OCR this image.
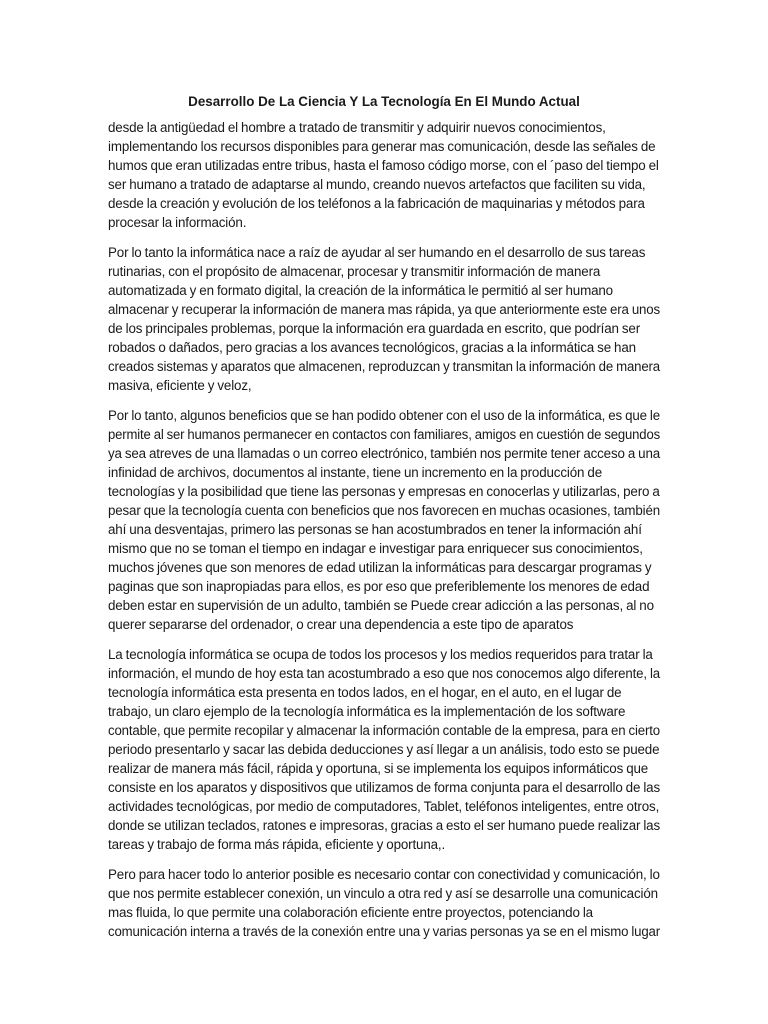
Desarrollo De La Ciencia Y La Tecnología En El Mundo Actual

desde la antigüedad el hombre a tratado de transmitir y adquirir nuevos conocimientos,
implementando los recursos disponibles para generar mas comunicación, desde las señales de
humos que eran utilizadas entre tribus, hasta el famoso código morse, con el ´paso del tiempo el
ser humano a tratado de adaptarse al mundo, creando nuevos artefactos que faciliten su vida,
desde la creación y evolución de los teléfonos a la fabricación de maquinarias y métodos para
procesar la información.

Por lo tanto la informática nace a raíz de ayudar al ser humando en el desarrollo de sus tareas
rutinarias, con el propósito de almacenar, procesar y transmitir información de manera
automatizada y en formato digital, la creación de la informática le permitió al ser humano
almacenar y recuperar la información de manera mas rápida, ya que anteriormente este era unos
de los principales problemas, porque la información era guardada en escrito, que podrían ser
robados o dañados, pero gracias a los avances tecnológicos, gracias a la informática se han
creados sistemas y aparatos que almacenen, reproduzcan y transmitan la información de manera
masiva, eficiente y veloz,

Por lo tanto, algunos beneficios que se han podido obtener con el uso de la informática, es que le
permite al ser humanos permanecer en contactos con familiares, amigos en cuestión de segundos
ya sea atreves de una llamadas o un correo electrónico, también nos permite tener acceso a una
infinidad de archivos, documentos al instante, tiene un incremento en la producción de
tecnologías y la posibilidad que tiene las personas y empresas en conocerlas y utilizarlas, pero a
pesar que la tecnología cuenta con beneficios que nos favorecen en muchas ocasiones, también
ahí una desventajas, primero las personas se han acostumbrados en tener la información ahí
mismo que no se toman el tiempo en indagar e investigar para enriquecer sus conocimientos,
muchos jóvenes que son menores de edad utilizan la informáticas para descargar programas y
paginas que son inapropiadas para ellos, es por eso que preferiblemente los menores de edad
deben estar en supervisión de un adulto, también se Puede crear adicción a las personas, al no
querer separarse del ordenador, o crear una dependencia a este tipo de aparatos

La tecnología informática se ocupa de todos los procesos y los medios requeridos para tratar la
información, el mundo de hoy esta tan acostumbrado a eso que nos conocemos algo diferente, la
tecnología informática esta presenta en todos lados, en el hogar, en el auto, en el lugar de
trabajo, un claro ejemplo de la tecnología informática es la implementación de los software
contable, que permite recopilar y almacenar la información contable de la empresa, para en cierto
periodo presentarlo y sacar las debida deducciones y así llegar a un análisis, todo esto se puede
realizar de manera más fácil, rápida y oportuna, si se implementa los equipos informáticos que
consiste en los aparatos y dispositivos que utilizamos de forma conjunta para el desarrollo de las
actividades tecnológicas, por medio de computadores, Tablet, teléfonos inteligentes, entre otros,
donde se utilizan teclados, ratones e impresoras, gracias a esto el ser humano puede realizar las
tareas y trabajo de forma más rápida, eficiente y oportuna,.

Pero para hacer todo lo anterior posible es necesario contar con conectividad y comunicación, lo
que nos permite establecer conexión, un vinculo a otra red y así se desarrolle una comunicación
mas fluida, lo que permite una colaboración eficiente entre proyectos, potenciando la
comunicación interna a través de la conexión entre una y varias personas ya se en el mismo lugar
